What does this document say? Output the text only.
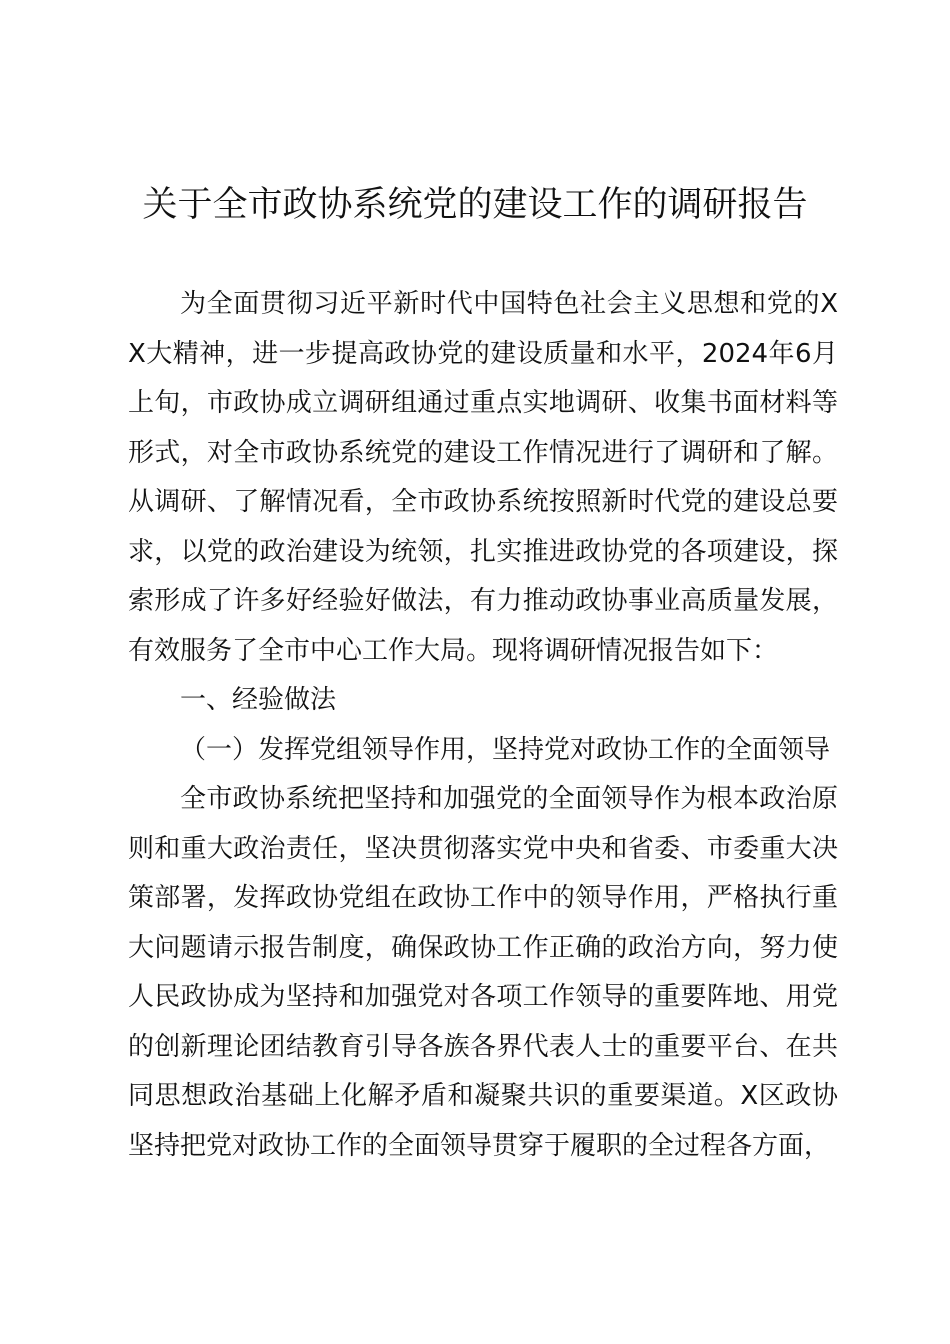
关于全市政协系统党的建设工作的调研报告

为全面贯彻习近平新时代中国特色社会主义思想和党的XX大精神，进一步提高政协党的建设质量和水平，2024年6月上旬，市政协成立调研组通过重点实地调研、收集书面材料等形式，对全市政协系统党的建设工作情况进行了调研和了解。从调研、了解情况看，全市政协系统按照新时代党的建设总要求，以党的政治建设为统领，扎实推进政协党的各项建设，探索形成了许多好经验好做法，有力推动政协事业高质量发展，有效服务了全市中心工作大局。现将调研情况报告如下：

一、经验做法

（一）发挥党组领导作用，坚持党对政协工作的全面领导

全市政协系统把坚持和加强党的全面领导作为根本政治原则和重大政治责任，坚决贯彻落实党中央和省委、市委重大决策部署，发挥政协党组在政协工作中的领导作用，严格执行重大问题请示报告制度，确保政协工作正确的政治方向，努力使人民政协成为坚持和加强党对各项工作领导的重要阵地、用党的创新理论团结教育引导各族各界代表人士的重要平台、在共同思想政治基础上化解矛盾和凝聚共识的重要渠道。X区政协坚持把党对政协工作的全面领导贯穿于履职的全过程各方面，
